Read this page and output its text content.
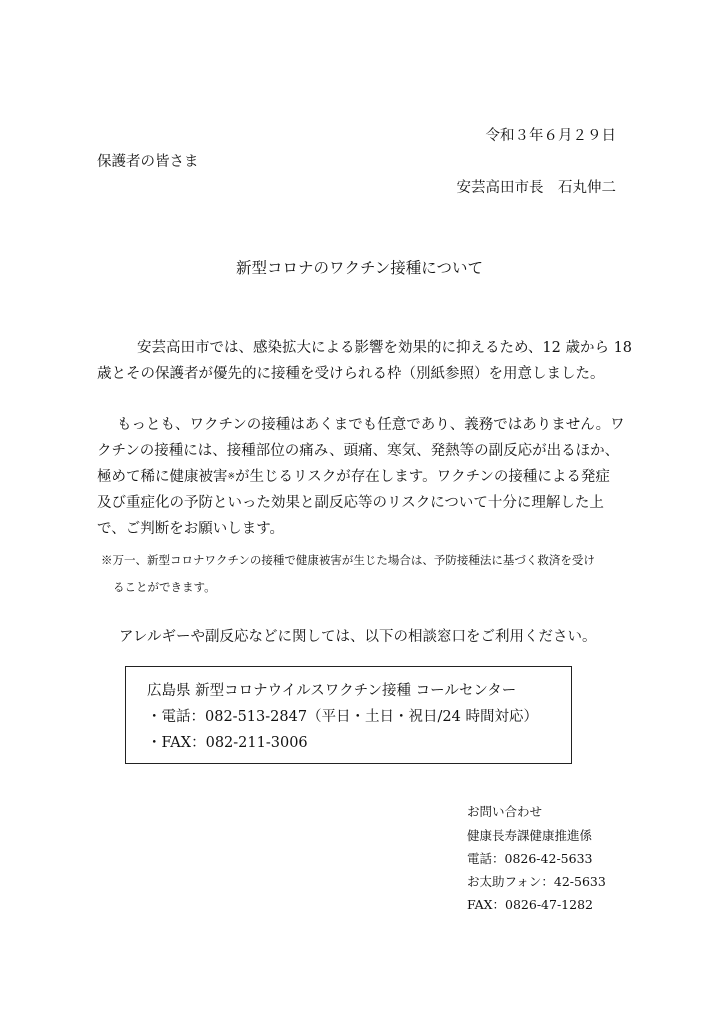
令和３年６月２９日
保護者の皆さま
安芸高田市長　石丸伸二
新型コロナのワクチン接種について
安芸高田市では、感染拡大による影響を効果的に抑えるため、12 歳から 18
歳とその保護者が優先的に接種を受けられる枠（別紙参照）を用意しました。
もっとも、ワクチンの接種はあくまでも任意であり、義務ではありません。ワ
クチンの接種には、接種部位の痛み、頭痛、寒気、発熱等の副反応が出るほか、
極めて稀に健康被害※が生じるリスクが存在します。ワクチンの接種による発症
及び重症化の予防といった効果と副反応等のリスクについて十分に理解した上
で、ご判断をお願いします。
※万一、新型コロナワクチンの接種で健康被害が生じた場合は、予防接種法に基づく救済を受け
ることができます。
アレルギーや副反応などに関しては、以下の相談窓口をご利用ください。
広島県 新型コロナウイルスワクチン接種 コールセンター
・電話：082-513-2847（平日・土日・祝日/24 時間対応）
・FAX：082-211-3006
お問い合わせ
健康長寿課健康推進係
電話：0826-42-5633
お太助フォン：42-5633
FAX：0826-47-1282
